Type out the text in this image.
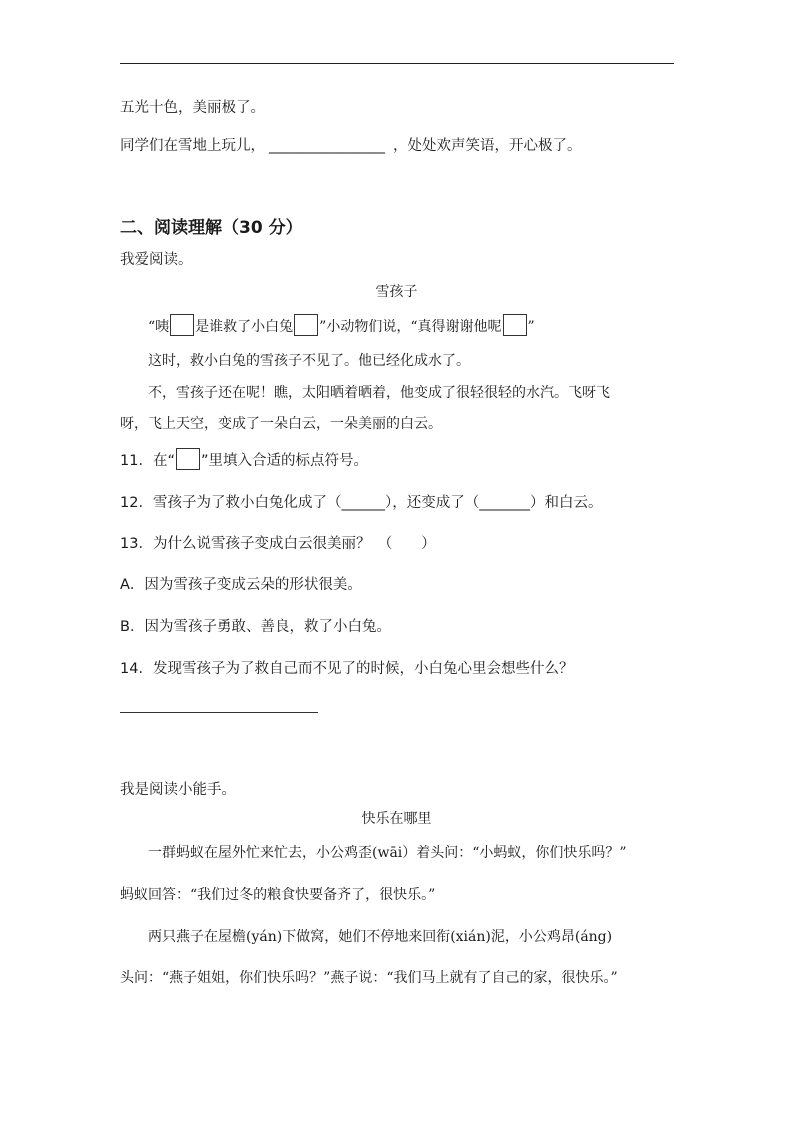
五光十色，美丽极了。
同学们在雪地上玩儿， ________________ ，处处欢声笑语，开心极了。
二、阅读理解（30 分）
我爱阅读。
雪孩子
“咦 是谁救了小白兔 ”小动物们说，“真得谢谢他呢 ”
这时，救小白兔的雪孩子不见了。他已经化成水了。
不，雪孩子还在呢！瞧，太阳晒着晒着，他变成了很轻很轻的水汽。飞呀飞
呀，飞上天空，变成了一朵白云，一朵美丽的白云。
11．在“ ”里填入合适的标点符号。
12．雪孩子为了救小白兔化成了（______），还变成了（_______）和白云。
13．为什么说雪孩子变成白云很美丽？　（　　）
A．因为雪孩子变成云朵的形状很美。
B．因为雪孩子勇敢、善良，救了小白兔。
14．发现雪孩子为了救自己而不见了的时候，小白兔心里会想些什么？
我是阅读小能手。
快乐在哪里
一群蚂蚁在屋外忙来忙去，小公鸡歪(wāi）着头问：“小蚂蚁，你们快乐吗？”
蚂蚁回答：“我们过冬的粮食快要备齐了，很快乐。”
两只燕子在屋檐(yán)下做窝，她们不停地来回衔(xián)泥，小公鸡昂(áng)
头问：“燕子姐姐，你们快乐吗？”燕子说：“我们马上就有了自己的家，很快乐。”
